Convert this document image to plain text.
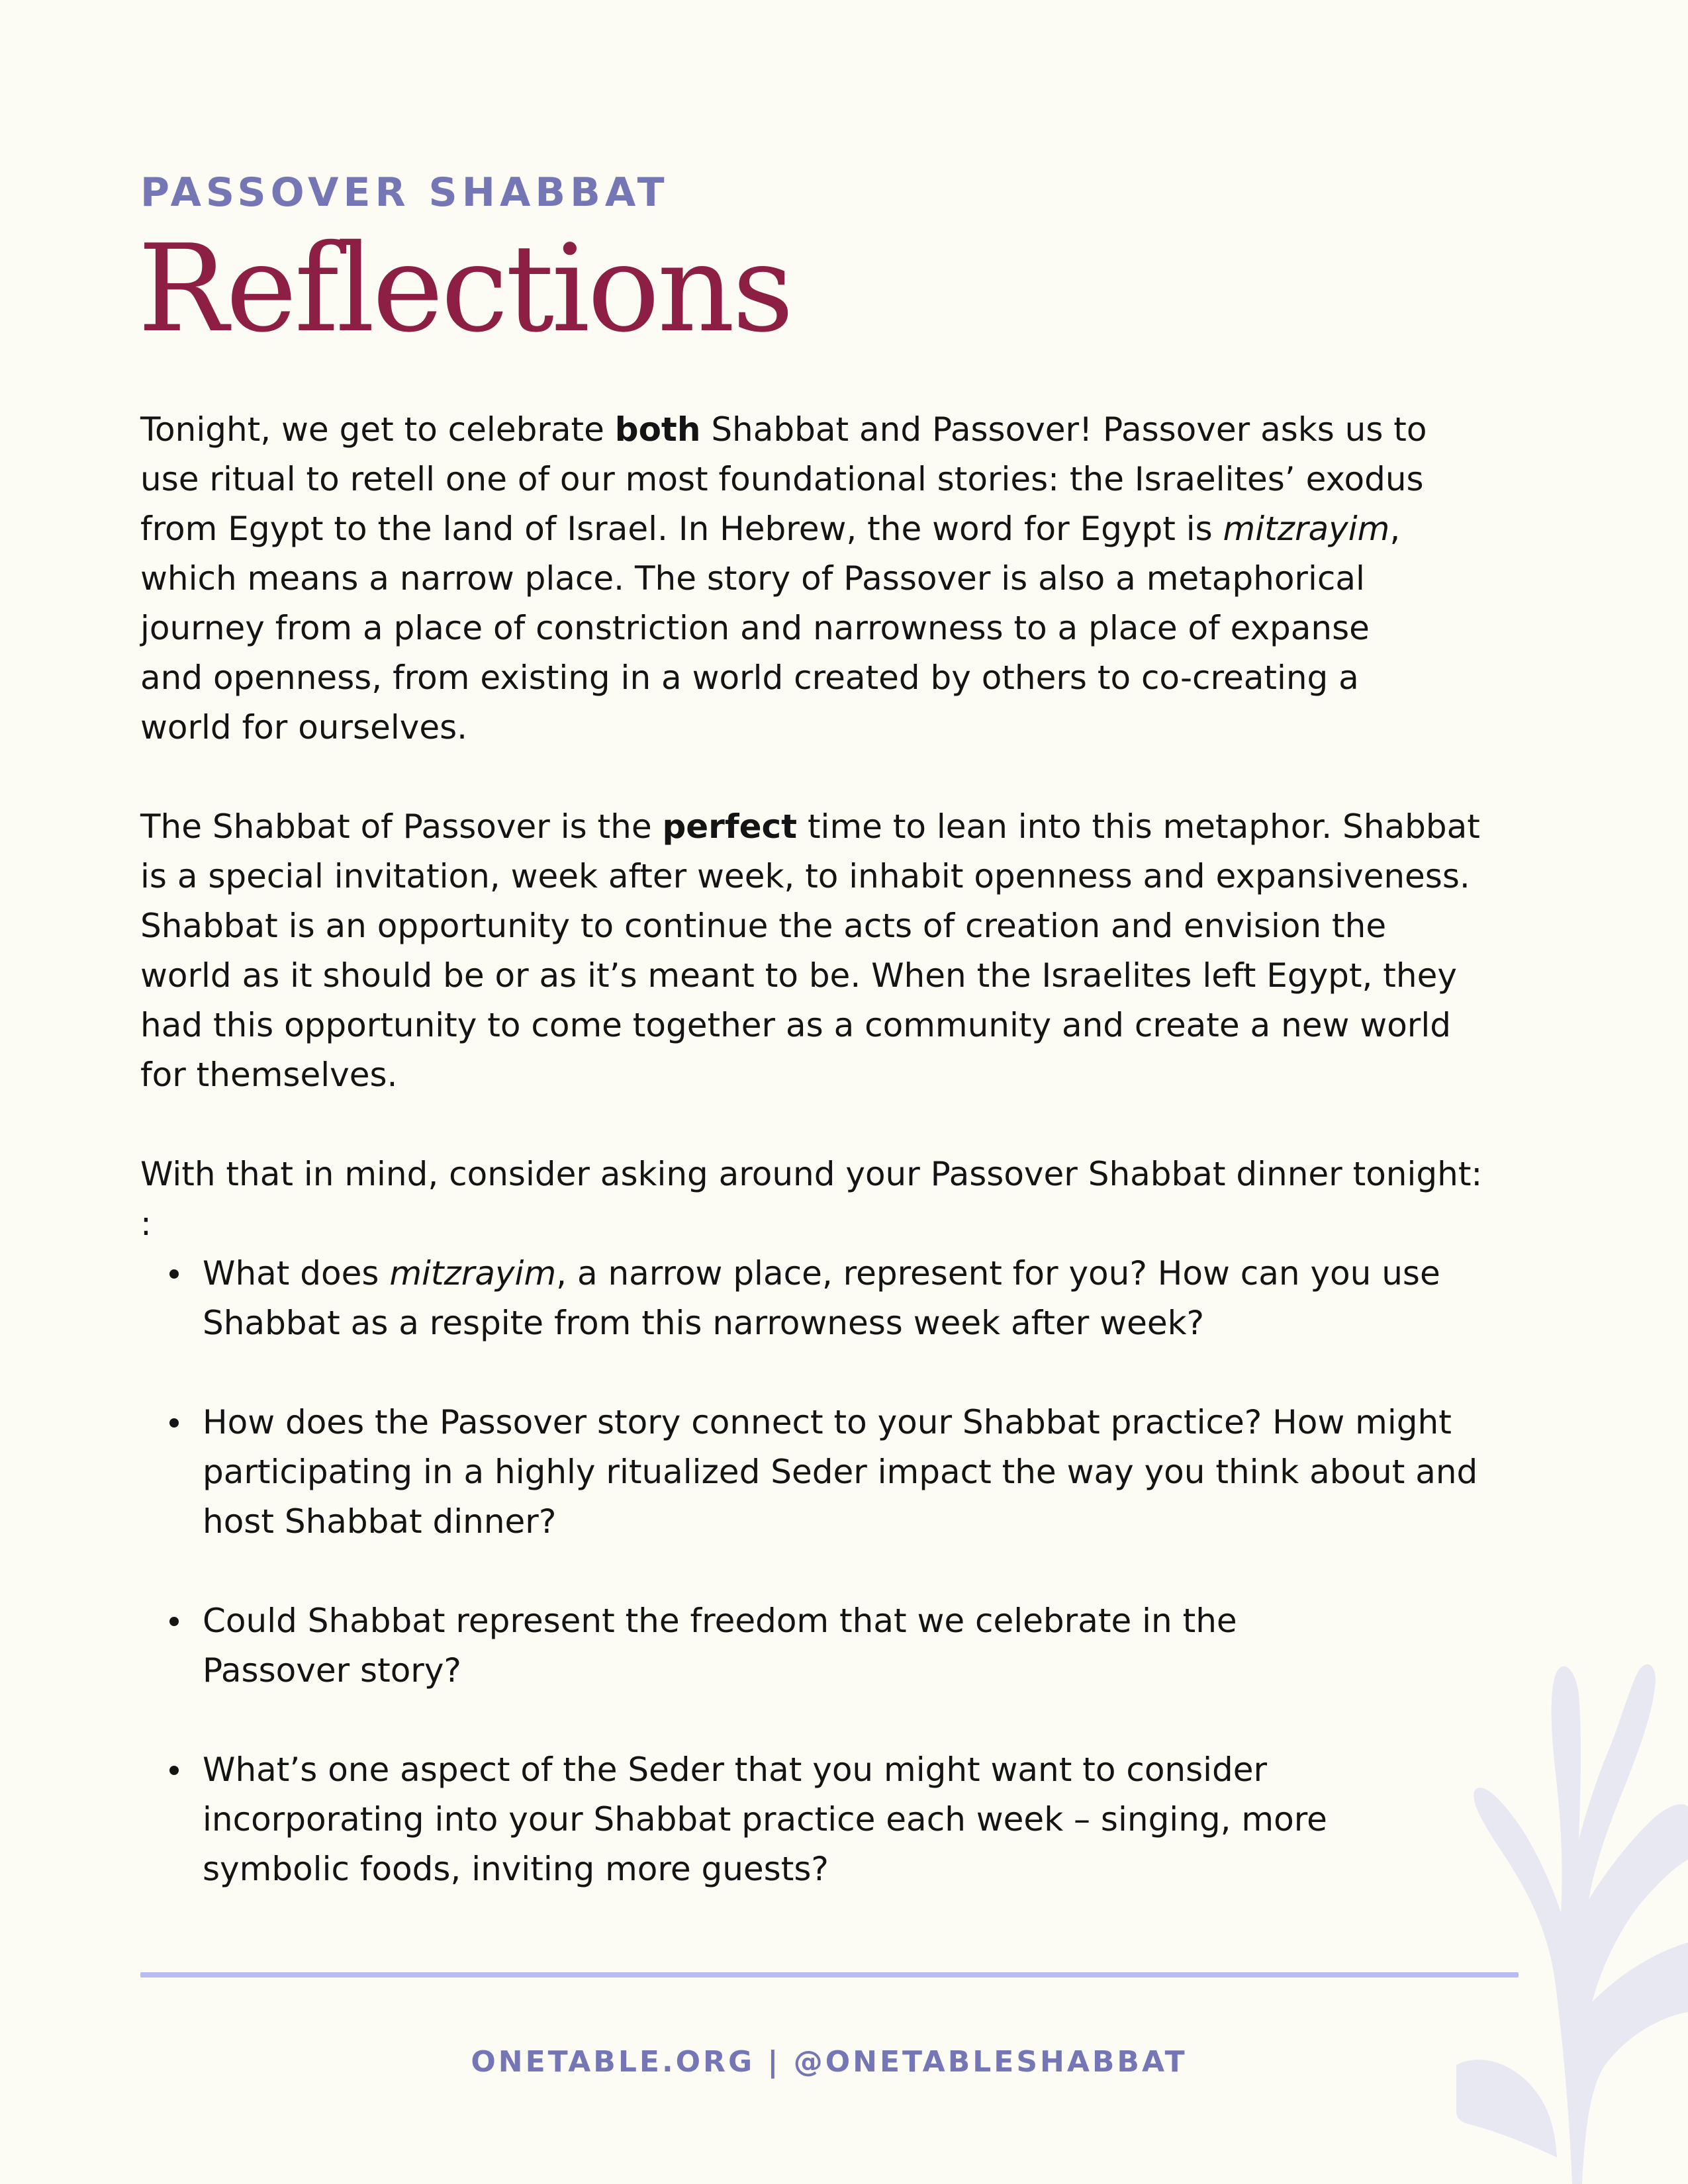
PASSOVER SHABBAT
Reflections
Tonight, we get to celebrate both Shabbat and Passover! Passover asks us to
use ritual to retell one of our most foundational stories: the Israelites’ exodus
from Egypt to the land of Israel. In Hebrew, the word for Egypt is mitzrayim,
which means a narrow place. The story of Passover is also a metaphorical
journey from a place of constriction and narrowness to a place of expanse
and openness, from existing in a world created by others to co-creating a
world for ourselves.
The Shabbat of Passover is the perfect time to lean into this metaphor. Shabbat
is a special invitation, week after week, to inhabit openness and expansiveness.
Shabbat is an opportunity to continue the acts of creation and envision the
world as it should be or as it’s meant to be. When the Israelites left Egypt, they
had this opportunity to come together as a community and create a new world
for themselves.
With that in mind, consider asking around your Passover Shabbat dinner tonight:
:
What does mitzrayim, a narrow place, represent for you? How can you use
Shabbat as a respite from this narrowness week after week?
How does the Passover story connect to your Shabbat practice? How might
participating in a highly ritualized Seder impact the way you think about and
host Shabbat dinner?
Could Shabbat represent the freedom that we celebrate in the
Passover story?
What’s one aspect of the Seder that you might want to consider
incorporating into your Shabbat practice each week – singing, more
symbolic foods, inviting more guests?
ONETABLE.ORG | @ONETABLESHABBAT
